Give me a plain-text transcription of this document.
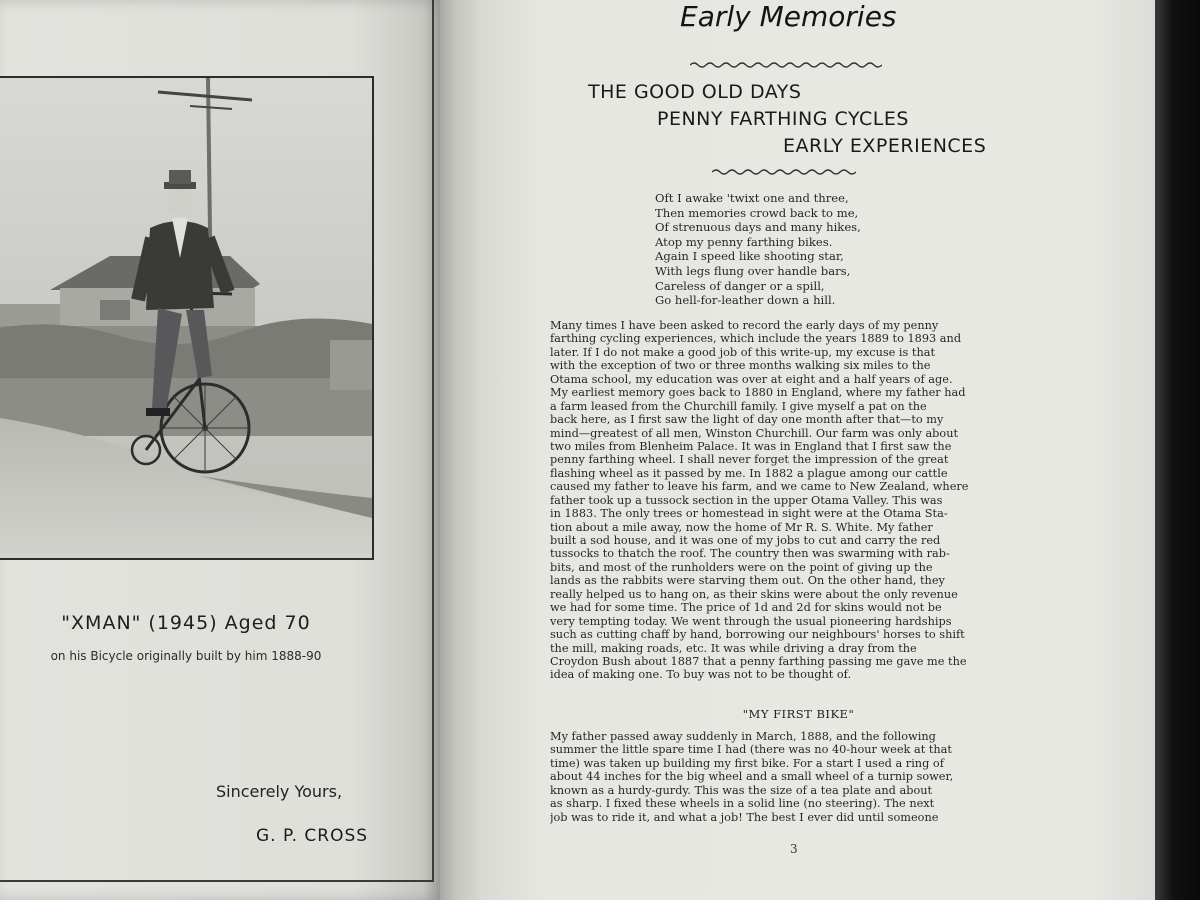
"XMAN" (1945) Aged 70
on his Bicycle originally built by him 1888-90
Sincerely Yours,
G. P. CROSS
Early Memories
THE GOOD OLD DAYS
PENNY FARTHING CYCLES
EARLY EXPERIENCES
Oft I awake 'twixt one and three,
Then memories crowd back to me,
Of strenuous days and many hikes,
Atop my penny farthing bikes.
Again I speed like shooting star,
With legs flung over handle bars,
Careless of danger or a spill,
Go hell-for-leather down a hill.
Many times I have been asked to record the early days of my penny
farthing cycling experiences, which include the years 1889 to 1893 and
later. If I do not make a good job of this write-up, my excuse is that
with the exception of two or three months walking six miles to the
Otama school, my education was over at eight and a half years of age.
My earliest memory goes back to 1880 in England, where my father had
a farm leased from the Churchill family. I give myself a pat on the
back here, as I first saw the light of day one month after that—to my
mind—greatest of all men, Winston Churchill. Our farm was only about
two miles from Blenheim Palace. It was in England that I first saw the
penny farthing wheel. I shall never forget the impression of the great
flashing wheel as it passed by me. In 1882 a plague among our cattle
caused my father to leave his farm, and we came to New Zealand, where
father took up a tussock section in the upper Otama Valley. This was
in 1883. The only trees or homestead in sight were at the Otama Sta-
tion about a mile away, now the home of Mr R. S. White. My father
built a sod house, and it was one of my jobs to cut and carry the red
tussocks to thatch the roof. The country then was swarming with rab-
bits, and most of the runholders were on the point of giving up the
lands as the rabbits were starving them out. On the other hand, they
really helped us to hang on, as their skins were about the only revenue
we had for some time. The price of 1d and 2d for skins would not be
very tempting today. We went through the usual pioneering hardships
such as cutting chaff by hand, borrowing our neighbours' horses to shift
the mill, making roads, etc. It was while driving a dray from the
Croydon Bush about 1887 that a penny farthing passing me gave me the
idea of making one. To buy was not to be thought of.
"MY FIRST BIKE"
My father passed away suddenly in March, 1888, and the following
summer the little spare time I had (there was no 40-hour week at that
time) was taken up building my first bike. For a start I used a ring of
about 44 inches for the big wheel and a small wheel of a turnip sower,
known as a hurdy-gurdy. This was the size of a tea plate and about
as sharp. I fixed these wheels in a solid line (no steering). The next
job was to ride it, and what a job! The best I ever did until someone
3
